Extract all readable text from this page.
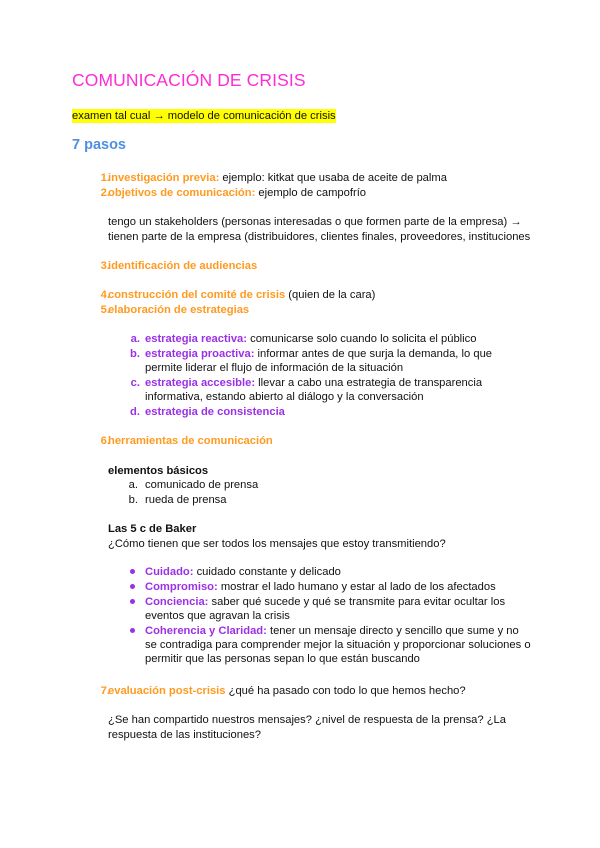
COMUNICACIÓN DE CRISIS
examen tal cual → modelo de comunicación de crisis
7 pasos
1.
investigación previa: ejemplo: kitkat que usaba de aceite de palma
2.
objetivos de comunicación: ejemplo de campofrío
tengo un stakeholders (personas interesadas o que formen parte de la empresa) →
tienen parte de la empresa (distribuidores, clientes finales, proveedores, instituciones
3.
identificación de audiencias
4.
construcción del comité de crisis (quien de la cara)
5.
elaboración de estrategias
a. estrategia reactiva: comunicarse solo cuando lo solicita el público
b. estrategia proactiva: informar antes de que surja la demanda, lo que
permite liderar el flujo de información de la situación
c. estrategia accesible: llevar a cabo una estrategia de transparencia
informativa, estando abierto al diálogo y la conversación
d. estrategia de consistencia
6.
herramientas de comunicación
elementos básicos
a. comunicado de prensa
b. rueda de prensa
Las 5 c de Baker
¿Cómo tienen que ser todos los mensajes que estoy transmitiendo?
Cuidado: cuidado constante y delicado
Compromiso: mostrar el lado humano y estar al lado de los afectados
Conciencia: saber qué sucede y qué se transmite para evitar ocultar los
eventos que agravan la crisis
Coherencia y Claridad: tener un mensaje directo y sencillo que sume y no
se contradiga para comprender mejor la situación y proporcionar soluciones o
permitir que las personas sepan lo que están buscando
7.
evaluación post-crisis ¿qué ha pasado con todo lo que hemos hecho?
¿Se han compartido nuestros mensajes? ¿nivel de respuesta de la prensa? ¿La
respuesta de las instituciones?
